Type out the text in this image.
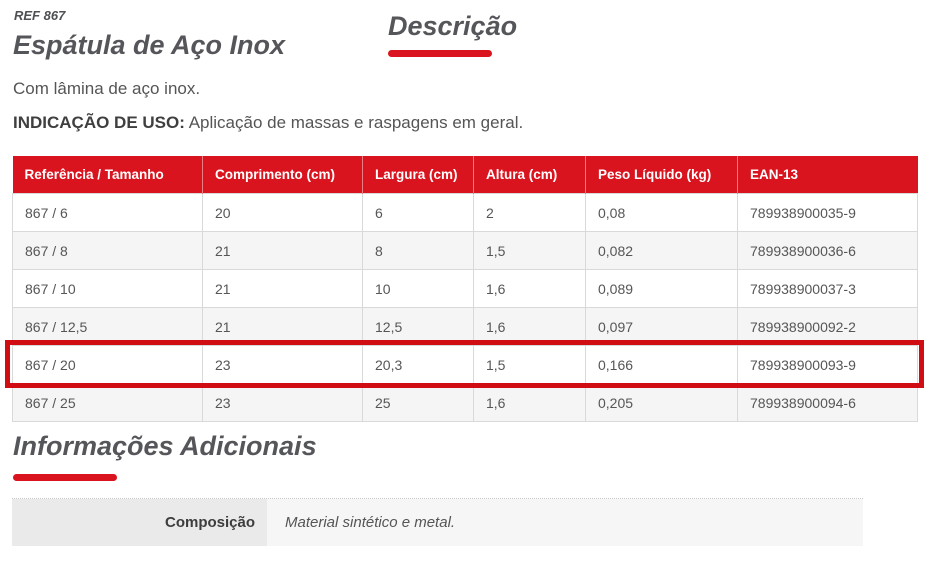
REF 867
Espátula de Aço Inox
Descrição
Com lâmina de aço inox.
INDICAÇÃO DE USO: Aplicação de massas e raspagens em geral.
Referência / Tamanho	Comprimento (cm)	Largura (cm)	Altura (cm)	Peso Líquido (kg)	EAN-13
867 / 6	20	6	2	0,08	789938900035-9
867 / 8	21	8	1,5	0,082	789938900036-6
867 / 10	21	10	1,6	0,089	789938900037-3
867 / 12,5	21	12,5	1,6	0,097	789938900092-2
867 / 20	23	20,3	1,5	0,166	789938900093-9
867 / 25	23	25	1,6	0,205	789938900094-6
Informações Adicionais
Composição	Material sintético e metal.
